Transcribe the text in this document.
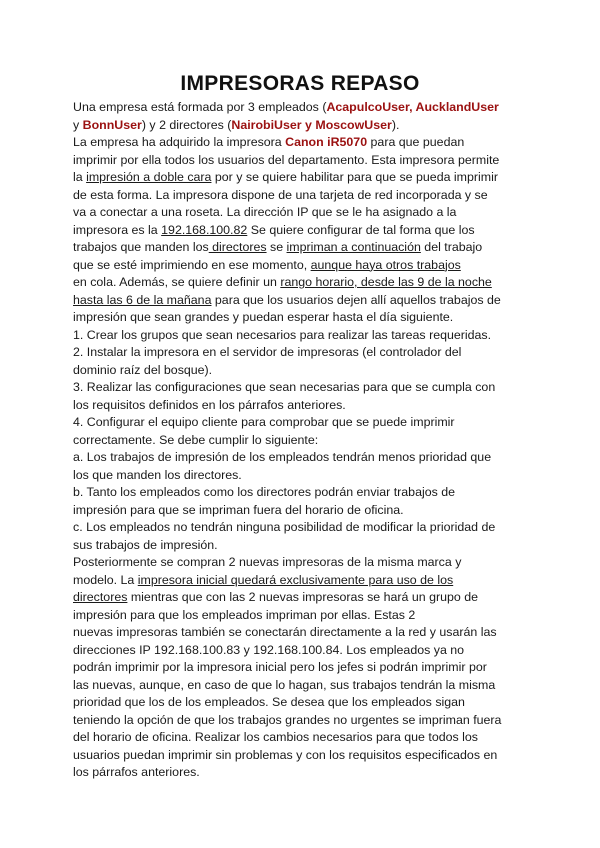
IMPRESORAS REPASO
Una empresa está formada por 3 empleados (AcapulcoUser, AucklandUser
y BonnUser) y 2 directores (NairobiUser y MoscowUser).
La empresa ha adquirido la impresora Canon iR5070 para que puedan
imprimir por ella todos los usuarios del departamento. Esta impresora permite
la impresión a doble cara por y se quiere habilitar para que se pueda imprimir
de esta forma. La impresora dispone de una tarjeta de red incorporada y se
va a conectar a una roseta. La dirección IP que se le ha asignado a la
impresora es la 192.168.100.82 Se quiere configurar de tal forma que los
trabajos que manden los directores se impriman a continuación del trabajo
que se esté imprimiendo en ese momento, aunque haya otros trabajos
en cola. Además, se quiere definir un rango horario, desde las 9 de la noche
hasta las 6 de la mañana para que los usuarios dejen allí aquellos trabajos de
impresión que sean grandes y puedan esperar hasta el día siguiente.
1. Crear los grupos que sean necesarios para realizar las tareas requeridas.
2. Instalar la impresora en el servidor de impresoras (el controlador del
dominio raíz del bosque).
3. Realizar las configuraciones que sean necesarias para que se cumpla con
los requisitos definidos en los párrafos anteriores.
4. Configurar el equipo cliente para comprobar que se puede imprimir
correctamente. Se debe cumplir lo siguiente:
a. Los trabajos de impresión de los empleados tendrán menos prioridad que
los que manden los directores.
b. Tanto los empleados como los directores podrán enviar trabajos de
impresión para que se impriman fuera del horario de oficina.
c. Los empleados no tendrán ninguna posibilidad de modificar la prioridad de
sus trabajos de impresión.
Posteriormente se compran 2 nuevas impresoras de la misma marca y
modelo. La impresora inicial quedará exclusivamente para uso de los
directores mientras que con las 2 nuevas impresoras se hará un grupo de
impresión para que los empleados impriman por ellas. Estas 2
nuevas impresoras también se conectarán directamente a la red y usarán las
direcciones IP 192.168.100.83 y 192.168.100.84. Los empleados ya no
podrán imprimir por la impresora inicial pero los jefes si podrán imprimir por
las nuevas, aunque, en caso de que lo hagan, sus trabajos tendrán la misma
prioridad que los de los empleados. Se desea que los empleados sigan
teniendo la opción de que los trabajos grandes no urgentes se impriman fuera
del horario de oficina. Realizar los cambios necesarios para que todos los
usuarios puedan imprimir sin problemas y con los requisitos especificados en
los párrafos anteriores.
